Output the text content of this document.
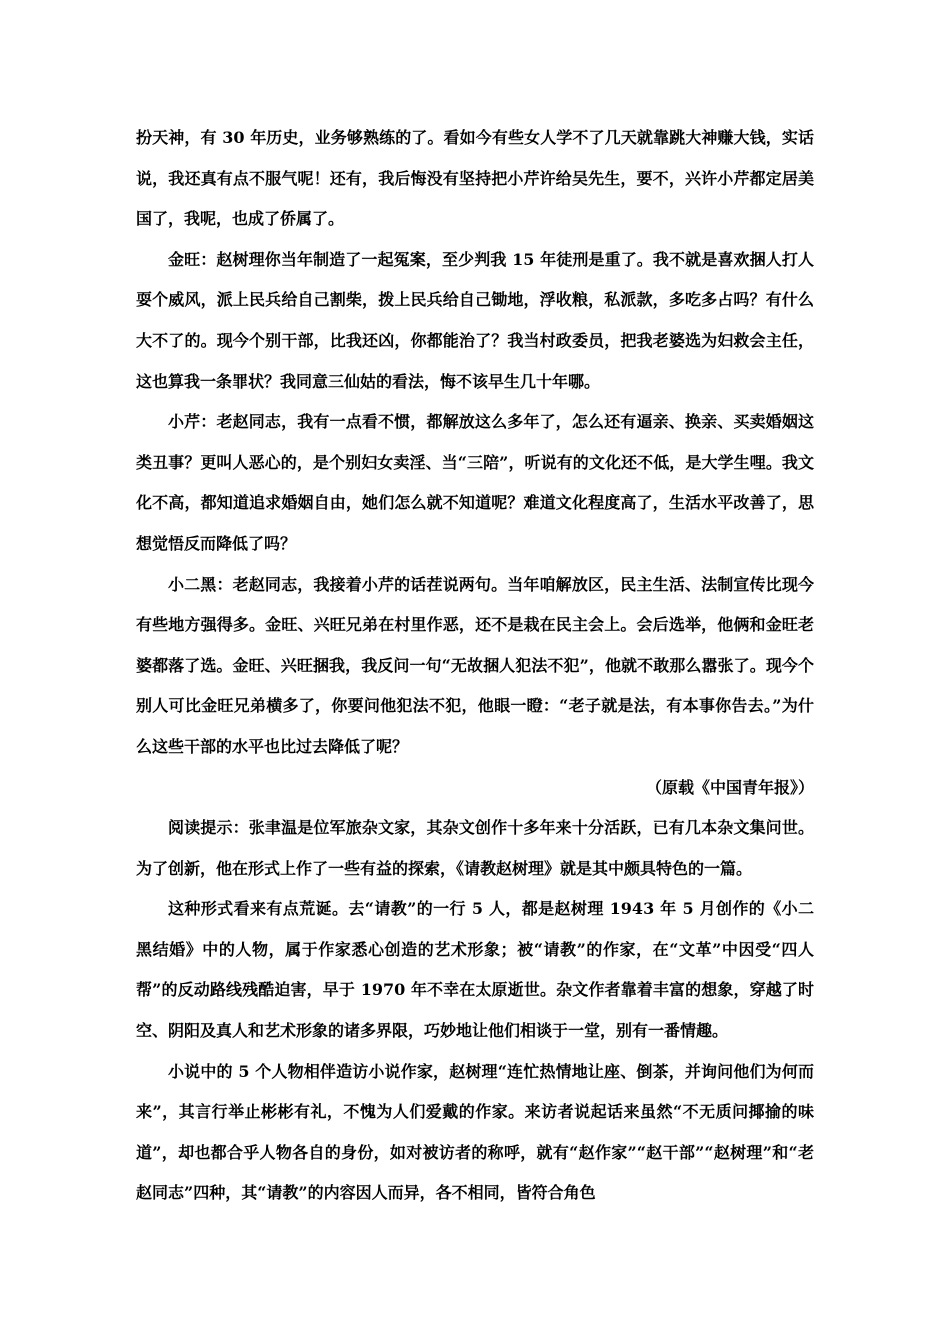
扮天神，有 30 年历史，业务够熟练的了。看如今有些女人学不了几天就靠跳大神赚大钱，实话说，我还真有点不服气呢！还有，我后悔没有坚持把小芹许给吴先生，要不，兴许小芹都定居美国了，我呢，也成了侨属了。

金旺：赵树理你当年制造了一起冤案，至少判我 15 年徒刑是重了。我不就是喜欢捆人打人耍个威风，派上民兵给自己割柴，拨上民兵给自己锄地，浮收粮，私派款，多吃多占吗？有什么大不了的。现今个别干部，比我还凶，你都能治了？我当村政委员，把我老婆选为妇救会主任，这也算我一条罪状？我同意三仙姑的看法，悔不该早生几十年哪。

小芹：老赵同志，我有一点看不惯，都解放这么多年了，怎么还有逼亲、换亲、买卖婚姻这类丑事？更叫人恶心的，是个别妇女卖淫、当“三陪”，听说有的文化还不低，是大学生哩。我文化不高，都知道追求婚姻自由，她们怎么就不知道呢？难道文化程度高了，生活水平改善了，思想觉悟反而降低了吗？

小二黑：老赵同志，我接着小芹的话茬说两句。当年咱解放区，民主生活、法制宣传比现今有些地方强得多。金旺、兴旺兄弟在村里作恶，还不是栽在民主会上。会后选举，他俩和金旺老婆都落了选。金旺、兴旺捆我，我反问一句“无故捆人犯法不犯”，他就不敢那么嚣张了。现今个别人可比金旺兄弟横多了，你要问他犯法不犯，他眼一瞪：“老子就是法，有本事你告去。”为什么这些干部的水平也比过去降低了呢？

（原载《中国青年报》）

阅读提示：张聿温是位军旅杂文家，其杂文创作十多年来十分活跃，已有几本杂文集问世。为了创新，他在形式上作了一些有益的探索，《请教赵树理》就是其中颇具特色的一篇。

这种形式看来有点荒诞。去“请教”的一行 5 人，都是赵树理 1943 年 5 月创作的《小二黑结婚》中的人物，属于作家悉心创造的艺术形象；被“请教”的作家，在“文革”中因受“四人帮”的反动路线残酷迫害，早于 1970 年不幸在太原逝世。杂文作者靠着丰富的想象，穿越了时空、阴阳及真人和艺术形象的诸多界限，巧妙地让他们相谈于一堂，别有一番情趣。

小说中的 5 个人物相伴造访小说作家，赵树理“连忙热情地让座、倒茶，并询问他们为何而来”，其言行举止彬彬有礼，不愧为人们爱戴的作家。来访者说起话来虽然“不无质问揶揄的味道”，却也都合乎人物各自的身份，如对被访者的称呼，就有“赵作家”“赵干部”“赵树理”和“老赵同志”四种，其“请教”的内容因人而异，各不相同，皆符合角色
